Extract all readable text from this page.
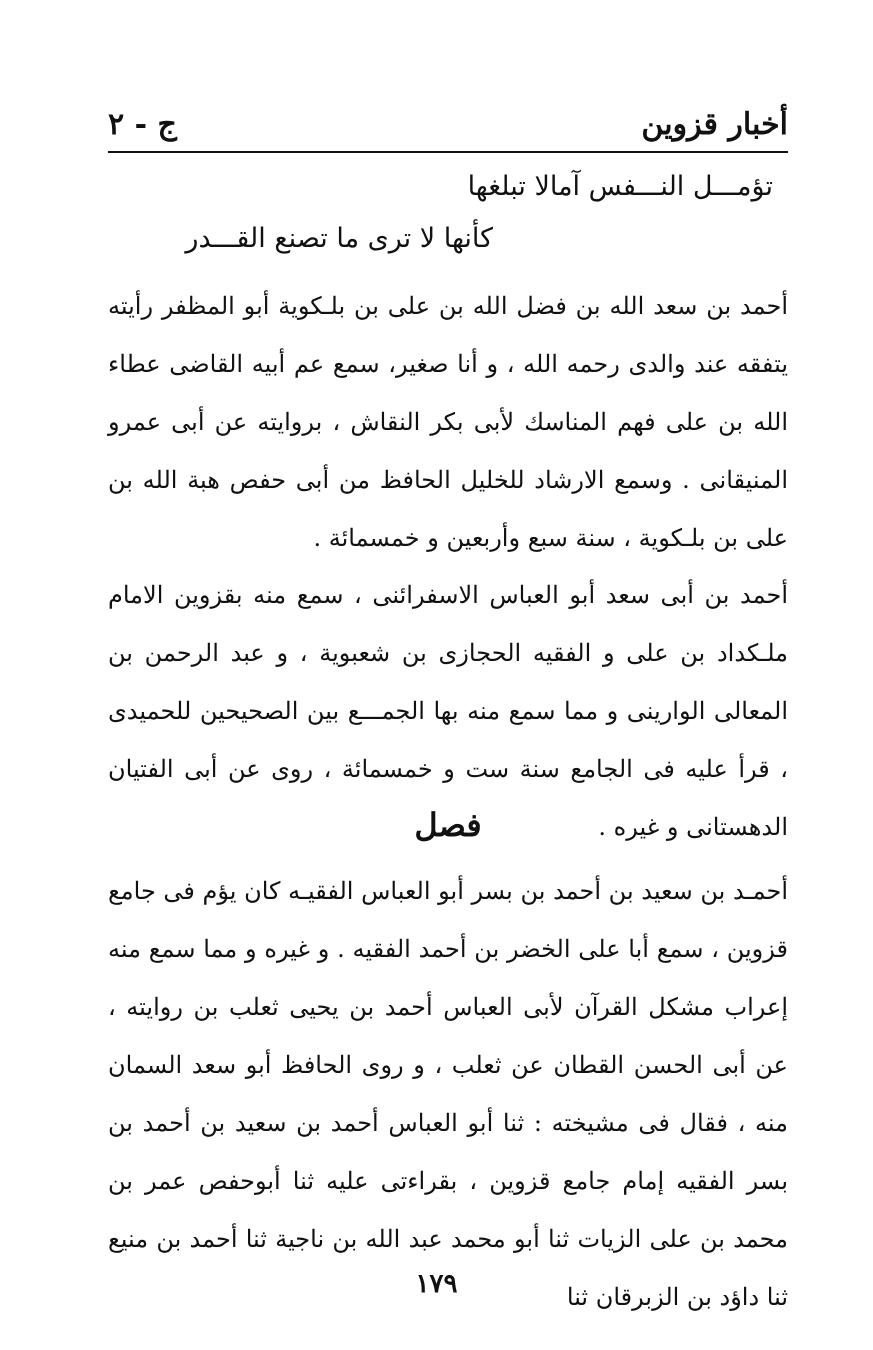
أخبار قزوين
ج - ٢
تؤمـــل النـــفس آمالا تبلغها
كأنها لا ترى ما تصنع القـــدر

أحمد بن سعد الله بن فضل الله بن على بن بلـكوية أبو المظفر رأيته يتفقه عند والدى رحمه الله ، و أنا صغير، سمع عم أبيه القاضى عطاء الله بن على فهم المناسك لأبى بكر النقاش ، بروايته عن أبى عمرو المنيقانى . وسمع الارشاد للخليل الحافظ من أبى حفص هبة الله بن على بن بلـكوية ، سنة سبع وأربعين و خمسمائة .

أحمد بن أبى سعد أبو العباس الاسفرائنى ، سمع منه بقزوين الامام ملـكداد بن على و الفقيه الحجازى بن شعبوية ، و عبد الرحمن بن المعالى الوارينى و مما سمع منه بها الجمـــع بين الصحيحين للحميدى ، قرأ عليه فى الجامع سنة ست و خمسمائة ، روى عن أبى الفتيان الدهستانى و غيره .

فصل

أحمـد بن سعيد بن أحمد بن بسر أبو العباس الفقيـه كان يؤم فى جامع قزوين ، سمع أبا على الخضر بن أحمد الفقيه . و غيره و مما سمع منه إعراب مشكل القرآن لأبى العباس أحمد بن يحيى ثعلب بن روايته ، عن أبى الحسن القطان عن ثعلب ، و روى الحافظ أبو سعد السمان منه ، فقال فى مشيخته : ثنا أبو العباس أحمد بن سعيد بن أحمد بن بسر الفقيه إمام جامع قزوين ، بقراءتى عليه ثنا أبوحفص عمر بن محمد بن على الزيات ثنا أبو محمد عبد الله بن ناجية ثنا أحمد بن منيع ثنا داؤد بن الزبرقان ثنا

١٧٩
